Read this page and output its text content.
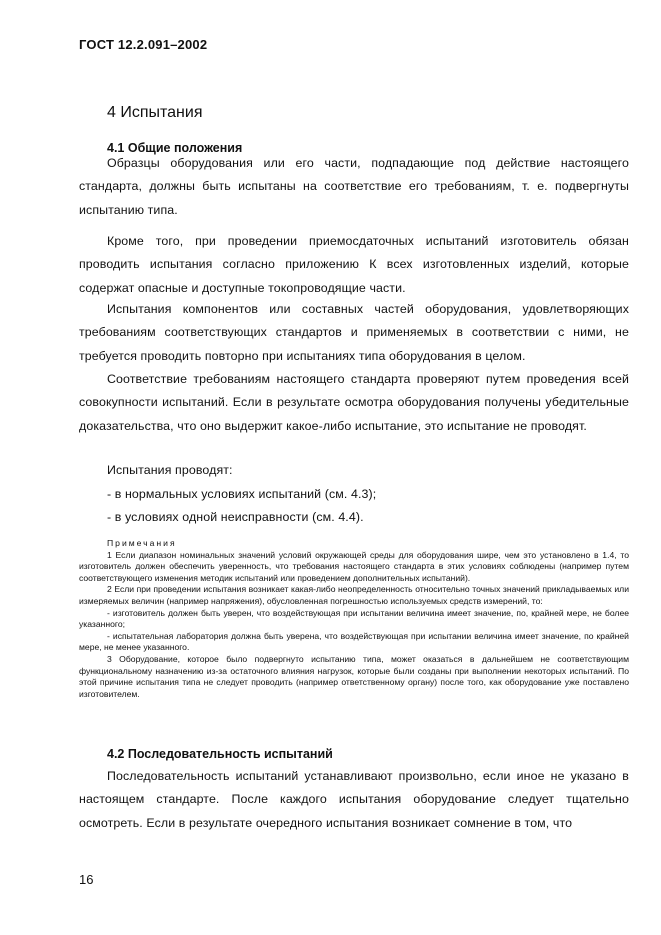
ГОСТ 12.2.091–2002
4 Испытания
4.1 Общие положения

Образцы оборудования или его части, подпадающие под действие настоящего стандарта, должны быть испытаны на соответствие его требованиям, т. е. подвергнуты испытанию типа.

Кроме того, при проведении приемосдаточных испытаний изготовитель обязан проводить испытания согласно приложению К всех изготовленных изделий, которые содержат опасные и доступные токопроводящие части.

Испытания компонентов или составных частей оборудования, удовлетворяющих требованиям соответствующих стандартов и применяемых в соответствии с ними, не требуется проводить повторно при испытаниях типа оборудования в целом.

Соответствие требованиям настоящего стандарта проверяют путем проведения всей совокупности испытаний. Если в результате осмотра оборудования получены убедительные доказательства, что оно выдержит какое-либо испытание, это испытание не проводят.

Испытания проводят:
- в нормальных условиях испытаний (см. 4.3);
- в условиях одной неисправности (см. 4.4).
Примечания
1 Если диапазон номинальных значений условий окружающей среды для оборудования шире, чем это установлено в 1.4, то изготовитель должен обеспечить уверенность, что требования настоящего стандарта в этих условиях соблюдены (например путем соответствующего изменения методик испытаний или проведением дополнительных испытаний).
2 Если при проведении испытания возникает какая-либо неопределенность относительно точных значений прикладываемых или измеряемых величин (например напряжения), обусловленная погрешностью используемых средств измерений, то:
- изготовитель должен быть уверен, что воздействующая при испытании величина имеет значение, по, крайней мере, не более указанного;
- испытательная лаборатория должна быть уверена, что воздействующая при испытании величина имеет значение, по крайней мере, не менее указанного.
3 Оборудование, которое было подвергнуто испытанию типа, может оказаться в дальнейшем не соответствующим функциональному назначению из-за остаточного влияния нагрузок, которые были созданы при выполнении некоторых испытаний. По этой причине испытания типа не следует проводить (например ответственному органу) после того, как оборудование уже поставлено изготовителем.
4.2 Последовательность испытаний

Последовательность испытаний устанавливают произвольно, если иное не указано в настоящем стандарте. После каждого испытания оборудование следует тщательно осмотреть. Если в результате очередного испытания возникает сомнение в том, что

16
